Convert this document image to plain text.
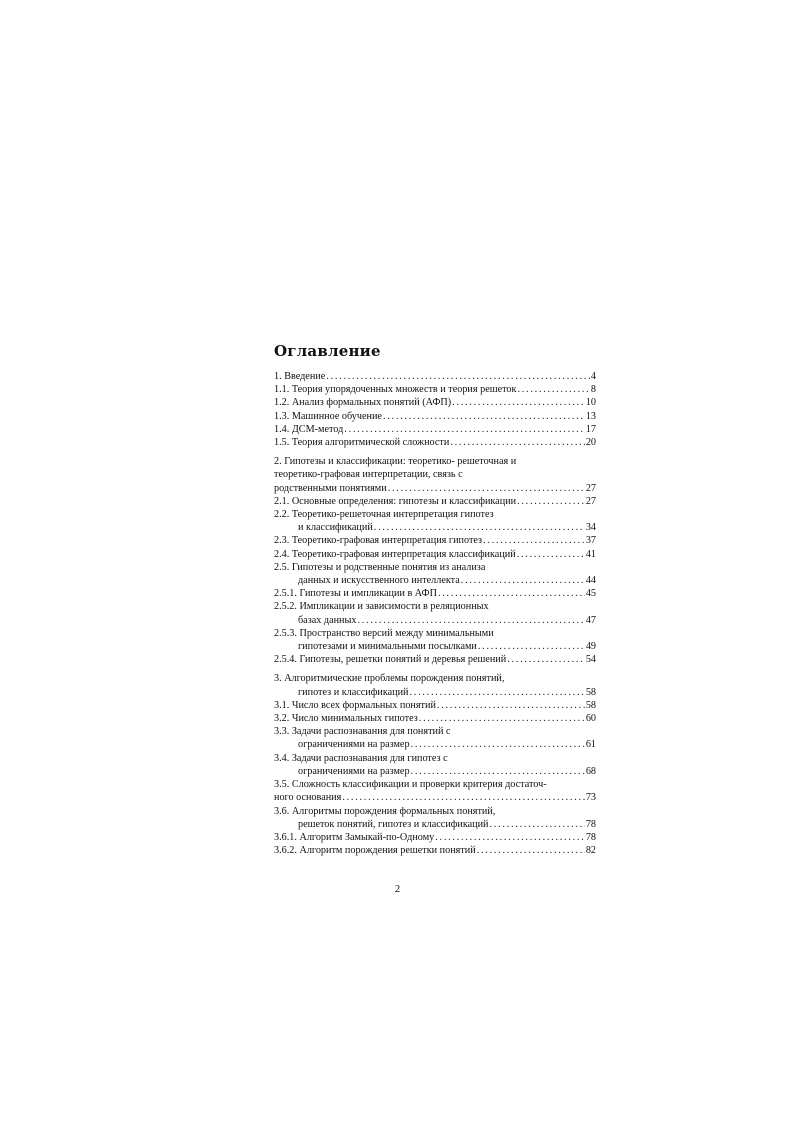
Оглавление
1. Введение . . .	4
1.1. Теория упорядоченных множеств и теория решеток . . .	8
1.2. Анализ формальных понятий (АФП) . . .	10
1.3. Машинное обучение . . .	13
1.4. ДСМ-метод . . .	17
1.5. Теория алгоритмической сложности . . .	20
2. Гипотезы и классификации: теоретико- решеточная и
теоретико-графовая интерпретации, связь с
родственными понятиями . . .	27
2.1. Основные определения: гипотезы и классификации . . .	27
2.2. Теоретико-решеточная интерпретация гипотез
и классификаций . . .	34
2.3. Теоретико-графовая интерпретация гипотез . . .	37
2.4. Теоретико-графовая интерпретация классификаций . . .	41
2.5. Гипотезы и родственные понятия из анализа
данных и искусственного интеллекта . . .	44
2.5.1. Гипотезы и импликации в АФП . . .	45
2.5.2. Импликации и зависимости в реляционных
базах данных . . .	47
2.5.3. Пространство версий между минимальными
гипотезами и минимальными посылками . . .	49
2.5.4. Гипотезы, решетки понятий и деревья решений . . .	54
3. Алгоритмические проблемы порождения понятий,
гипотез и классификаций . . .	58
3.1. Число всех формальных понятий . . .	58
3.2. Число минимальных гипотез . . .	60
3.3. Задачи распознавания для понятий с
ограничениями на размер . . .	61
3.4. Задачи распознавания для гипотез с
ограничениями на размер . . .	68
3.5. Сложность классификации и проверки критерия достаточ-
ного основания . . .	73
3.6. Алгоритмы порождения формальных понятий,
решеток понятий, гипотез и классификаций . . .	78
3.6.1. Алгоритм Замыкай-по-Одному . . .	78
3.6.2. Алгоритм порождения решетки понятий . . .	82
2
